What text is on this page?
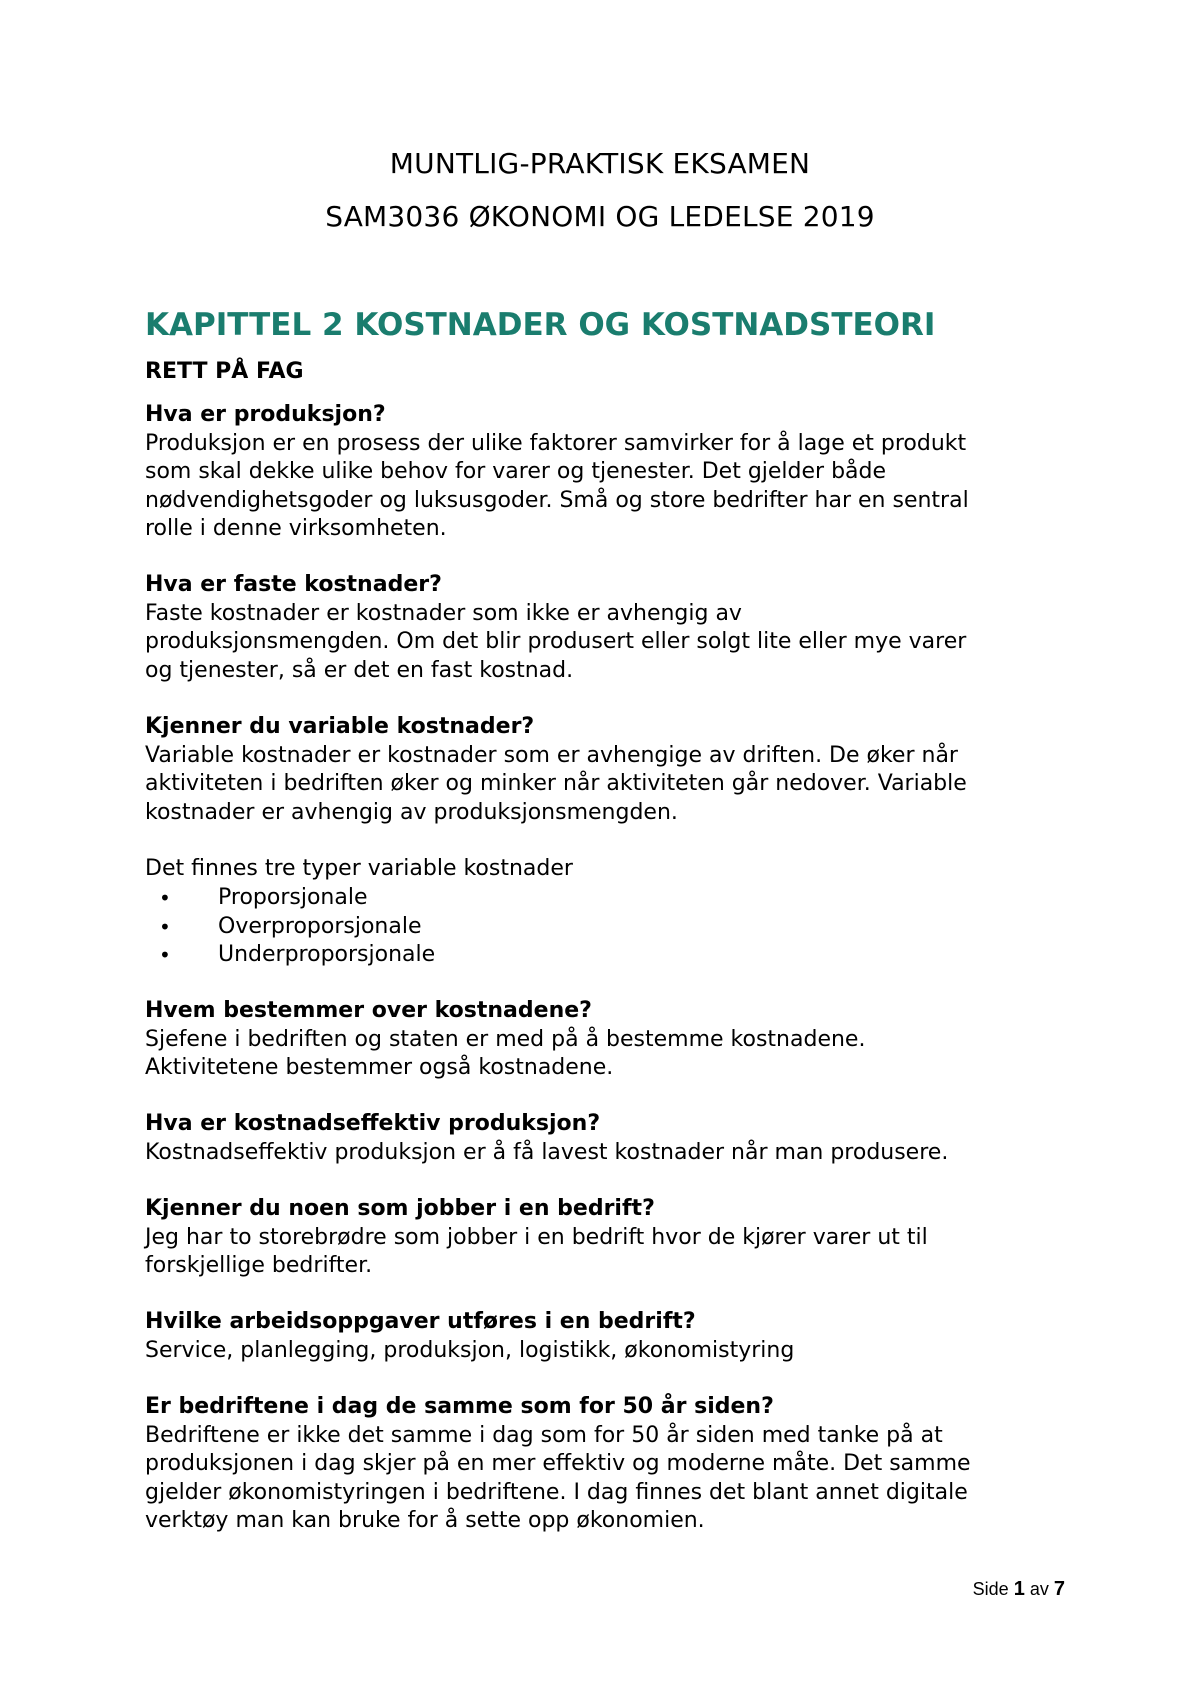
MUNTLIG-PRAKTISK EKSAMEN
SAM3036 ØKONOMI OG LEDELSE 2019
KAPITTEL 2 KOSTNADER OG KOSTNADSTEORI
RETT PÅ FAG

Hva er produksjon?

Produksjon er en prosess der ulike faktorer samvirker for å lage et produkt

som skal dekke ulike behov for varer og tjenester. Det gjelder både

nødvendighetsgoder og luksusgoder. Små og store bedrifter har en sentral

rolle i denne virksomheten.

Hva er faste kostnader?

Faste kostnader er kostnader som ikke er avhengig av

produksjonsmengden. Om det blir produsert eller solgt lite eller mye varer

og tjenester, så er det en fast kostnad.

Kjenner du variable kostnader?

Variable kostnader er kostnader som er avhengige av driften. De øker når

aktiviteten i bedriften øker og minker når aktiviteten går nedover. Variable

kostnader er avhengig av produksjonsmengden.

Det finnes tre typer variable kostnader
• Proporsjonale
• Overproporsjonale
• Underproporsjonale

Hvem bestemmer over kostnadene?

Sjefene i bedriften og staten er med på å bestemme kostnadene.

Aktivitetene bestemmer også kostnadene.

Hva er kostnadseffektiv produksjon?

Kostnadseffektiv produksjon er å få lavest kostnader når man produsere.

Kjenner du noen som jobber i en bedrift?

Jeg har to storebrødre som jobber i en bedrift hvor de kjører varer ut til

forskjellige bedrifter.

Hvilke arbeidsoppgaver utføres i en bedrift?

Service, planlegging, produksjon, logistikk, økonomistyring

Er bedriftene i dag de samme som for 50 år siden?

Bedriftene er ikke det samme i dag som for 50 år siden med tanke på at

produksjonen i dag skjer på en mer effektiv og moderne måte. Det samme

gjelder økonomistyringen i bedriftene. I dag finnes det blant annet digitale

verktøy man kan bruke for å sette opp økonomien.

Side 1 av 7
